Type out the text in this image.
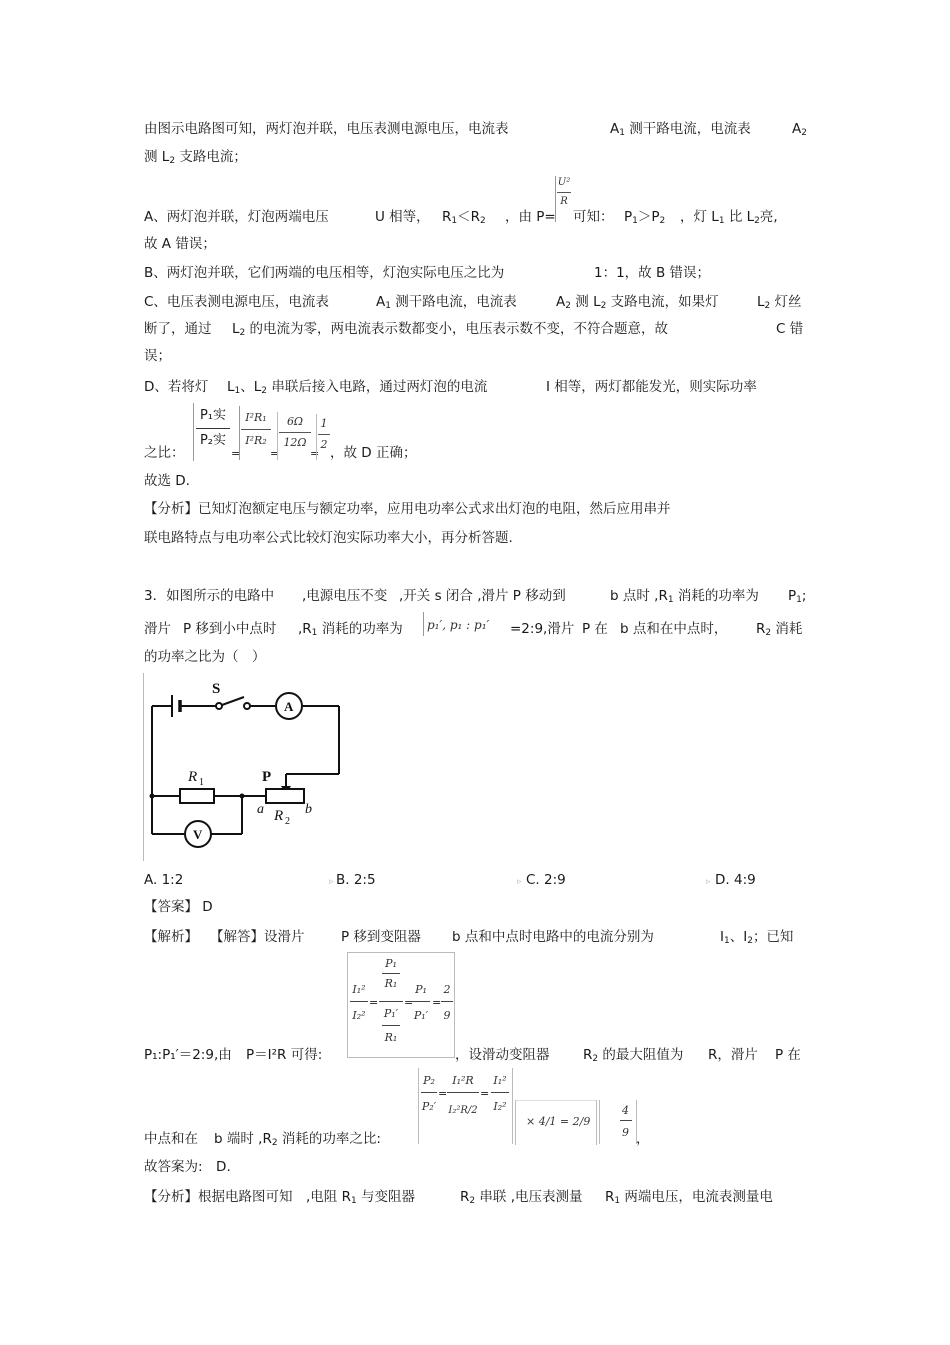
由图示电路图可知，两灯泡并联，电压表测电源电压，电流表	$A_1$ 测干路电流，电流表	$A_2$
测 $L_2$ 支路电流；
A、两灯泡并联，灯泡两端电压	U 相等， $R_1<R_2$ ，由 P=
U²
R
可知： $P_1>P_2$ ，灯 $L_1$ 比 $L_2$亮,
故 A 错误；
B、两灯泡并联，它们两端的电压相等，灯泡实际电压之比为	1：1，故 B 错误；
C、电压表测电源电压，电流表	$A_1$ 测干路电流，电流表	$A_2$ 测 $L_2$ 支路电流，如果灯	$L_2$ 灯丝
断了，通过 $L_2$ 的电流为零，两电流表示数都变小，电压表示数不变，不符合题意，故	C 错
误；
D、若将灯 $L_1$、$L_2$ 串联后接入电路，通过两灯泡的电流	I 相等，两灯都能发光，则实际功率
之比：
P₁实
P₂实
=
I²R₁
I²R₂
=
6Ω
12Ω
=
1
2
，故 D 正确；
故选 D.
【分析】已知灯泡额定电压与额定功率，应用电功率公式求出灯泡的电阻，然后应用串并
联电路特点与电功率公式比较灯泡实际功率大小，再分析答题.
3．如图所示的电路中 ,电源电压不变 ,开关 s 闭合 ,滑片 P 移动到	b 点时 $,R_1$ 消耗的功率为 $P_1$;
滑片 P 移到小中点时 $,R_1$ 消耗的功率为	p₁′, p₁ : p₁′ =2:9,滑片 P 在 b 点和在中点时， $R_2$ 消耗
的功率之比为（　）
S
A
V
R 1
R 2
P
a	b
A. 1:2	▹ B. 2:5	▹ C. 2:9	▹ D. 4:9
【答案】 D
【解析】 【解答】设滑片	P 移到变阻器 b 点和中点时电路中的电流分别为	$I_1$、$I_2$；已知
I₁²
I₂²
=
P₁
R₁
P₁′
R₁
=
P₁
P₁′
=
2
9
P₁:P₁′＝2:9,由 P＝I²R 可得:	，设滑动变阻器 $R_2$ 的最大阻值为 R，滑片 P 在
P₂
P₂′
=
I₁²R
I₂²R/2
=
I₁²
I₂²
× 4/1 = 2/9
4
9
中点和在 b 端时 $,R_2$ 消耗的功率之比:	，
故答案为:　D.
【分析】根据电路图可知　,电阻 $R_1$ 与变阻器	$R_2$ 串联 ,电压表测量 $R_1$ 两端电压，电流表测量电
